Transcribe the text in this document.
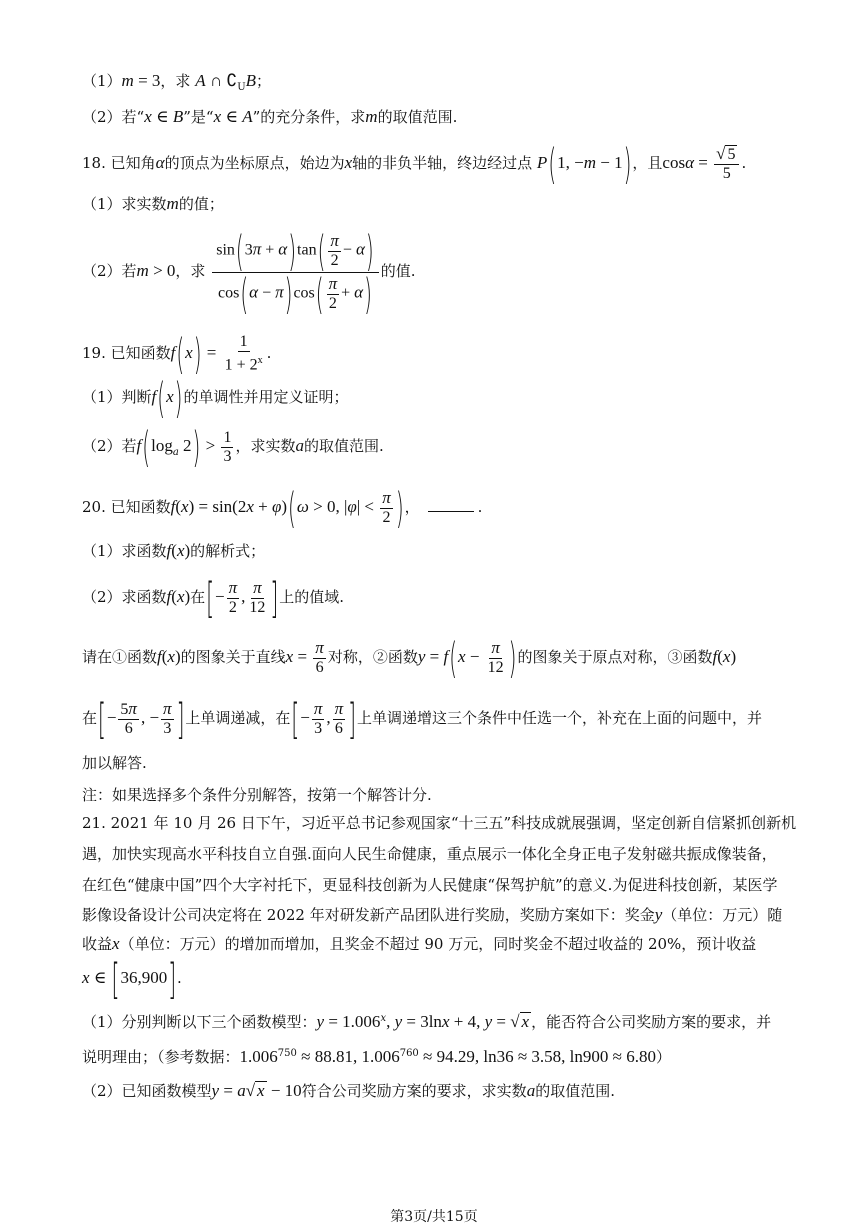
（1）m = 3，求 A ∩ $∁_UB$；
（2）若“x ∈ B”是“x ∈ A”的充分条件，求m的取值范围.
18. 已知角α的顶点为坐标原点，始边为x轴的非负半轴，终边经过点 P(1, −m − 1)，且$\cos\alpha = \frac{√ 5}{5}$ .
（1）求实数m的值；
（2）若m > 0，求 $\frac{\sin(3\pi + \alpha)\tan( \frac{\pi}{2} - \alpha)}{\cos(\alpha - \pi)\cos( \frac{\pi}{2} + \alpha)}$ 的值.
19. 已知函数$f(x) = \frac{1}{1 + 2^x}$ .
（1）判断f(x)的单调性并用定义证明；
（2）若$f(\log_a$ $2) > \frac{1}{3}$ ，求实数a的取值范围.
20. 已知函数f(x) = sin(2x + φ)(ω > 0, $|\varphi| < \frac{\pi}{2}$ )，	.
（1）求函数f(x)的解析式；
（2）求函数f(x)在[− $\frac{\pi}{2}$ , $\frac{\pi}{12}$ ]上的值域.
请在①函数f(x)的图象关于直线$x = \frac{\pi}{6}$ 对称，②函数$y = f(x - \frac{\pi}{12}$ )的图象关于原点对称，③函数f(x)
在[− $\frac{5\pi}{6}$ , − $\frac{\pi}{3}$ ]上单调递减，在[− $\frac{\pi}{3}$ , $\frac{\pi}{6}$ ]上单调递增这三个条件中任选一个，补充在上面的问题中，并
加以解答.
注：如果选择多个条件分别解答，按第一个解答计分.
21. 2021 年 10 月 26 日下午，习近平总书记参观国家“十三五”科技成就展强调，坚定创新自信紧抓创新机
遇，加快实现高水平科技自立自强.面向人民生命健康，重点展示一体化全身正电子发射磁共振成像装备，
在红色“健康中国”四个大字衬托下，更显科技创新为人民健康“保驾护航”的意义.为促进科技创新，某医学
影像设备设计公司决定将在 2022 年对研发新产品团队进行奖励，奖励方案如下：奖金y（单位：万元）随
收益x（单位：万元）的增加而增加，且奖金不超过 90 万元，同时奖金不超过收益的 20%，预计收益
x ∈ [36,900].
（1）分别判断以下三个函数模型：$y = 1.006^x$, y = 3lnx + 4, y = √ x ，能否符合公司奖励方案的要求，并
说明理由；（参考数据：$1.006^{750} \approx 88.81$, $1.006^{760} \approx 94.29$, ln36 ≈ 3.58, ln900 ≈ 6.80）
（2）已知函数模型y = a√ x − 10符合公司奖励方案的要求，求实数a的取值范围.
第3页/共15页
